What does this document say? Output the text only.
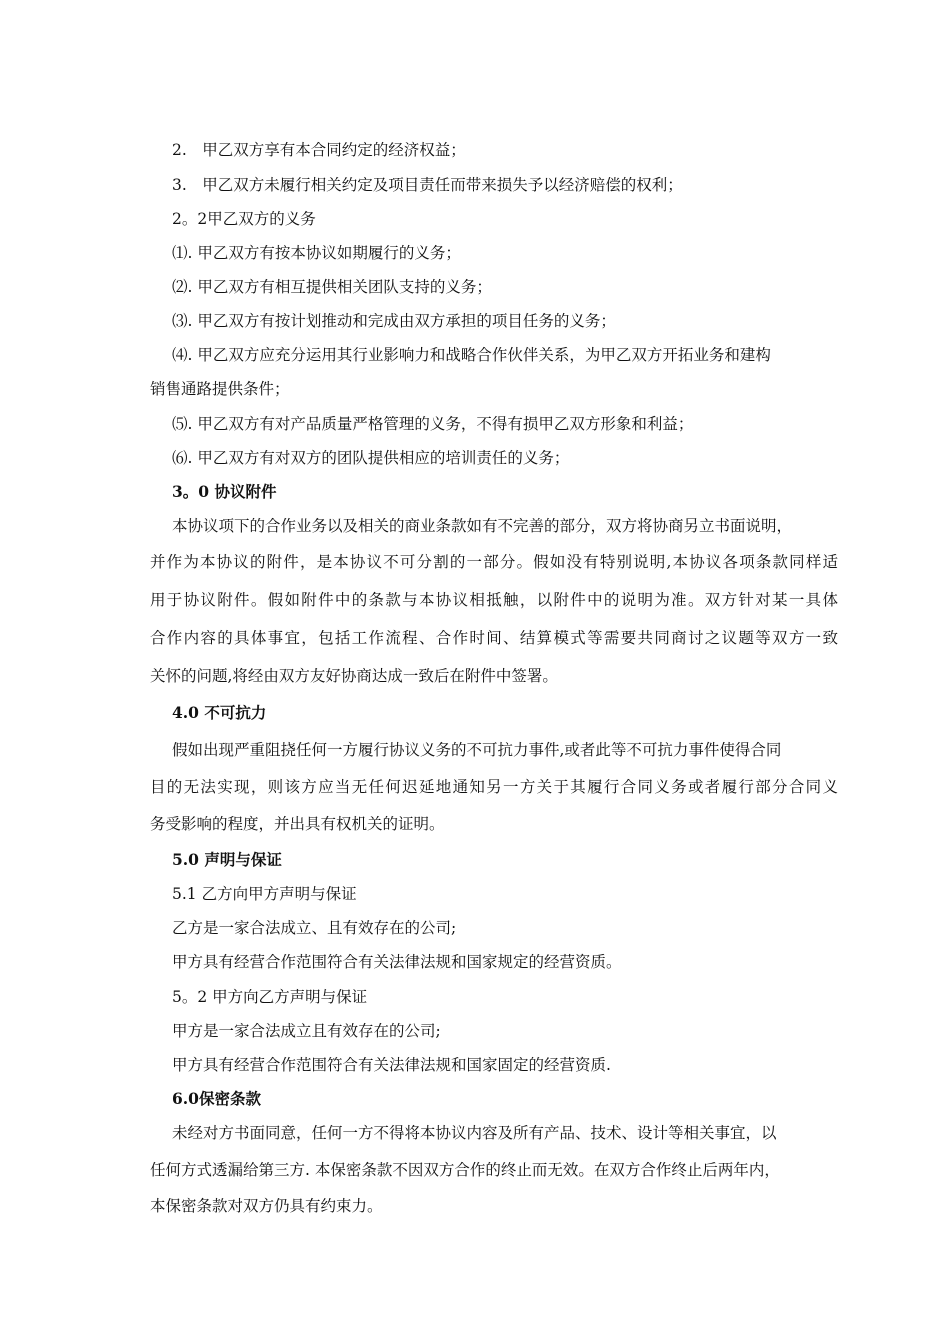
2.　甲乙双方享有本合同约定的经济权益；
3.　甲乙双方未履行相关约定及项目责任而带来损失予以经济赔偿的权利；
2。2甲乙双方的义务
⑴. 甲乙双方有按本协议如期履行的义务；
⑵. 甲乙双方有相互提供相关团队支持的义务；
⑶. 甲乙双方有按计划推动和完成由双方承担的项目任务的义务；
⑷. 甲乙双方应充分运用其行业影响力和战略合作伙伴关系，为甲乙双方开拓业务和建构
销售通路提供条件；
⑸. 甲乙双方有对产品质量严格管理的义务，不得有损甲乙双方形象和利益；
⑹. 甲乙双方有对双方的团队提供相应的培训责任的义务；
3。0 协议附件
本协议项下的合作业务以及相关的商业条款如有不完善的部分，双方将协商另立书面说明，
并作为本协议的附件，是本协议不可分割的一部分。假如没有特别说明,本协议各项条款同样适
用于协议附件。假如附件中的条款与本协议相抵触，以附件中的说明为准。双方针对某一具体
合作内容的具体事宜，包括工作流程、合作时间、结算模式等需要共同商讨之议题等双方一致
关怀的问题,将经由双方友好协商达成一致后在附件中签署。
4.0 不可抗力
假如出现严重阻挠任何一方履行协议义务的不可抗力事件,或者此等不可抗力事件使得合同
目的无法实现，则该方应当无任何迟延地通知另一方关于其履行合同义务或者履行部分合同义
务受影响的程度，并出具有权机关的证明。
5.0 声明与保证
5.1 乙方向甲方声明与保证
乙方是一家合法成立、且有效存在的公司;
甲方具有经营合作范围符合有关法律法规和国家规定的经营资质。
5。2 甲方向乙方声明与保证
甲方是一家合法成立且有效存在的公司;
甲方具有经营合作范围符合有关法律法规和国家固定的经营资质.
6.0保密条款
未经对方书面同意，任何一方不得将本协议内容及所有产品、技术、设计等相关事宜，以
任何方式透漏给第三方. 本保密条款不因双方合作的终止而无效。在双方合作终止后两年内，
本保密条款对双方仍具有约束力。
